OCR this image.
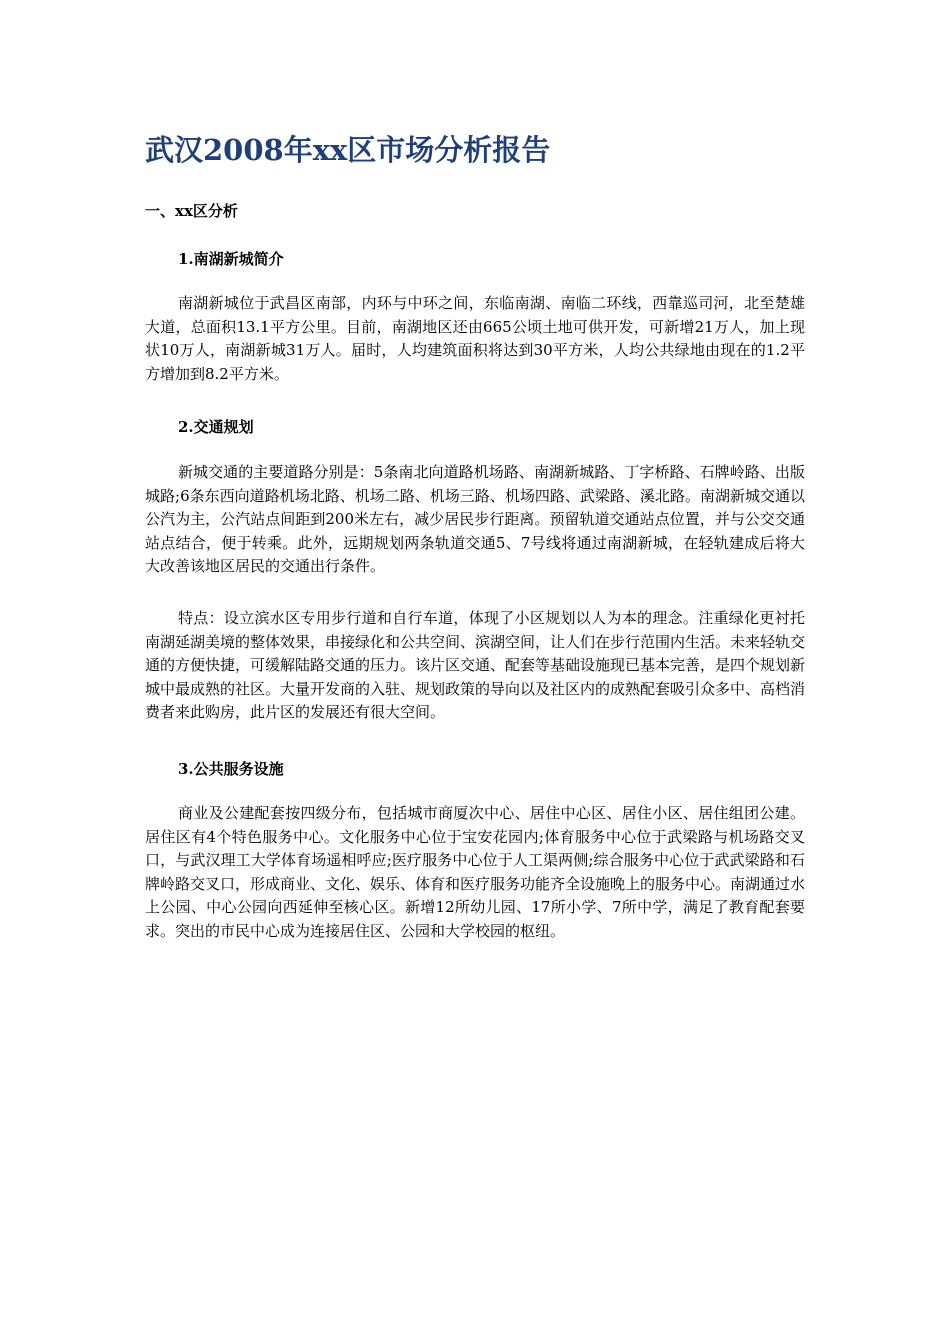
武汉2008年xx区市场分析报告
一、xx区分析
1.南湖新城简介

南湖新城位于武昌区南部，内环与中环之间，东临南湖、南临二环线，西靠巡司河，北至楚雄大道，总面积13.1平方公里。目前，南湖地区还由665公顷土地可供开发，可新增21万人，加上现状10万人，南湖新城31万人。届时，人均建筑面积将达到30平方米，人均公共绿地由现在的1.2平方增加到8.2平方米。

2.交通规划

新城交通的主要道路分别是：5条南北向道路机场路、南湖新城路、丁字桥路、石牌岭路、出版城路;6条东西向道路机场北路、机场二路、机场三路、机场四路、武梁路、溪北路。南湖新城交通以公汽为主，公汽站点间距到200米左右，减少居民步行距离。预留轨道交通站点位置，并与公交交通站点结合，便于转乘。此外，远期规划两条轨道交通5、7号线将通过南湖新城，在轻轨建成后将大大改善该地区居民的交通出行条件。

特点：设立滨水区专用步行道和自行车道，体现了小区规划以人为本的理念。注重绿化更衬托南湖延湖美境的整体效果，串接绿化和公共空间、滨湖空间，让人们在步行范围内生活。未来轻轨交通的方便快捷，可缓解陆路交通的压力。该片区交通、配套等基础设施现已基本完善，是四个规划新城中最成熟的社区。大量开发商的入驻、规划政策的导向以及社区内的成熟配套吸引众多中、高档消费者来此购房，此片区的发展还有很大空间。

3.公共服务设施

商业及公建配套按四级分布，包括城市商厦次中心、居住中心区、居住小区、居住组团公建。居住区有4个特色服务中心。文化服务中心位于宝安花园内;体育服务中心位于武梁路与机场路交叉口，与武汉理工大学体育场遥相呼应;医疗服务中心位于人工渠两侧;综合服务中心位于武武梁路和石牌岭路交叉口，形成商业、文化、娱乐、体育和医疗服务功能齐全设施晚上的服务中心。南湖通过水上公园、中心公园向西延伸至核心区。新增12所幼儿园、17所小学、7所中学，满足了教育配套要求。突出的市民中心成为连接居住区、公园和大学校园的枢纽。
